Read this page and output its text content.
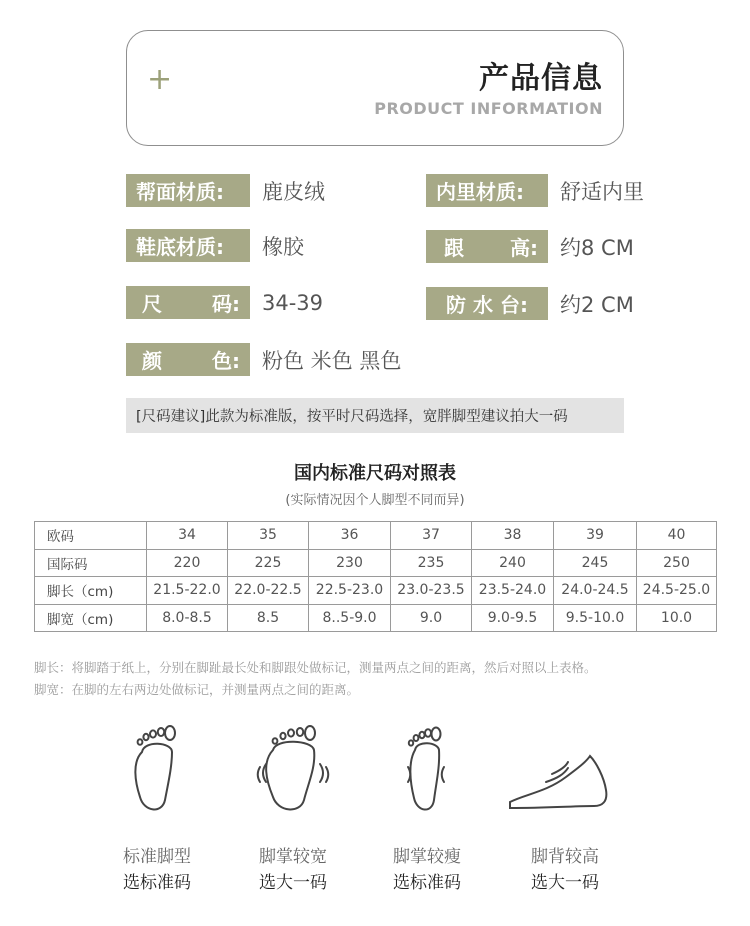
+	产品信息
PRODUCT INFORMATION
帮面材质: 鹿皮绒	内里材质: 舒适内里
鞋底材质: 橡胶	跟 高: 约8 CM
尺	码: 34-39	防 水 台: 约2 CM
颜	色: 粉色 米色 黑色
[尺码建议]此款为标准版，按平时尺码选择，宽胖脚型建议拍大一码
国内标准尺码对照表
(实际情况因个人脚型不同而异)
欧码	34	35	36	37	38	39	40
国际码	220	225	230	235	240	245	250
脚长（cm)	21.5-22.0	22.0-22.5	22.5-23.0	23.0-23.5	23.5-24.0	24.0-24.5	24.5-25.0
脚宽（cm)	8.0-8.5	8.5	8..5-9.0	9.0	9.0-9.5	9.5-10.0	10.0
脚长：将脚踏于纸上，分别在脚趾最长处和脚跟处做标记，测量两点之间的距离，然后对照以上表格。
脚宽：在脚的左右两边处做标记，并测量两点之间的距离。
标准脚型
选标准码
脚掌较宽
选大一码
脚掌较瘦
选标准码
脚背较高
选大一码
